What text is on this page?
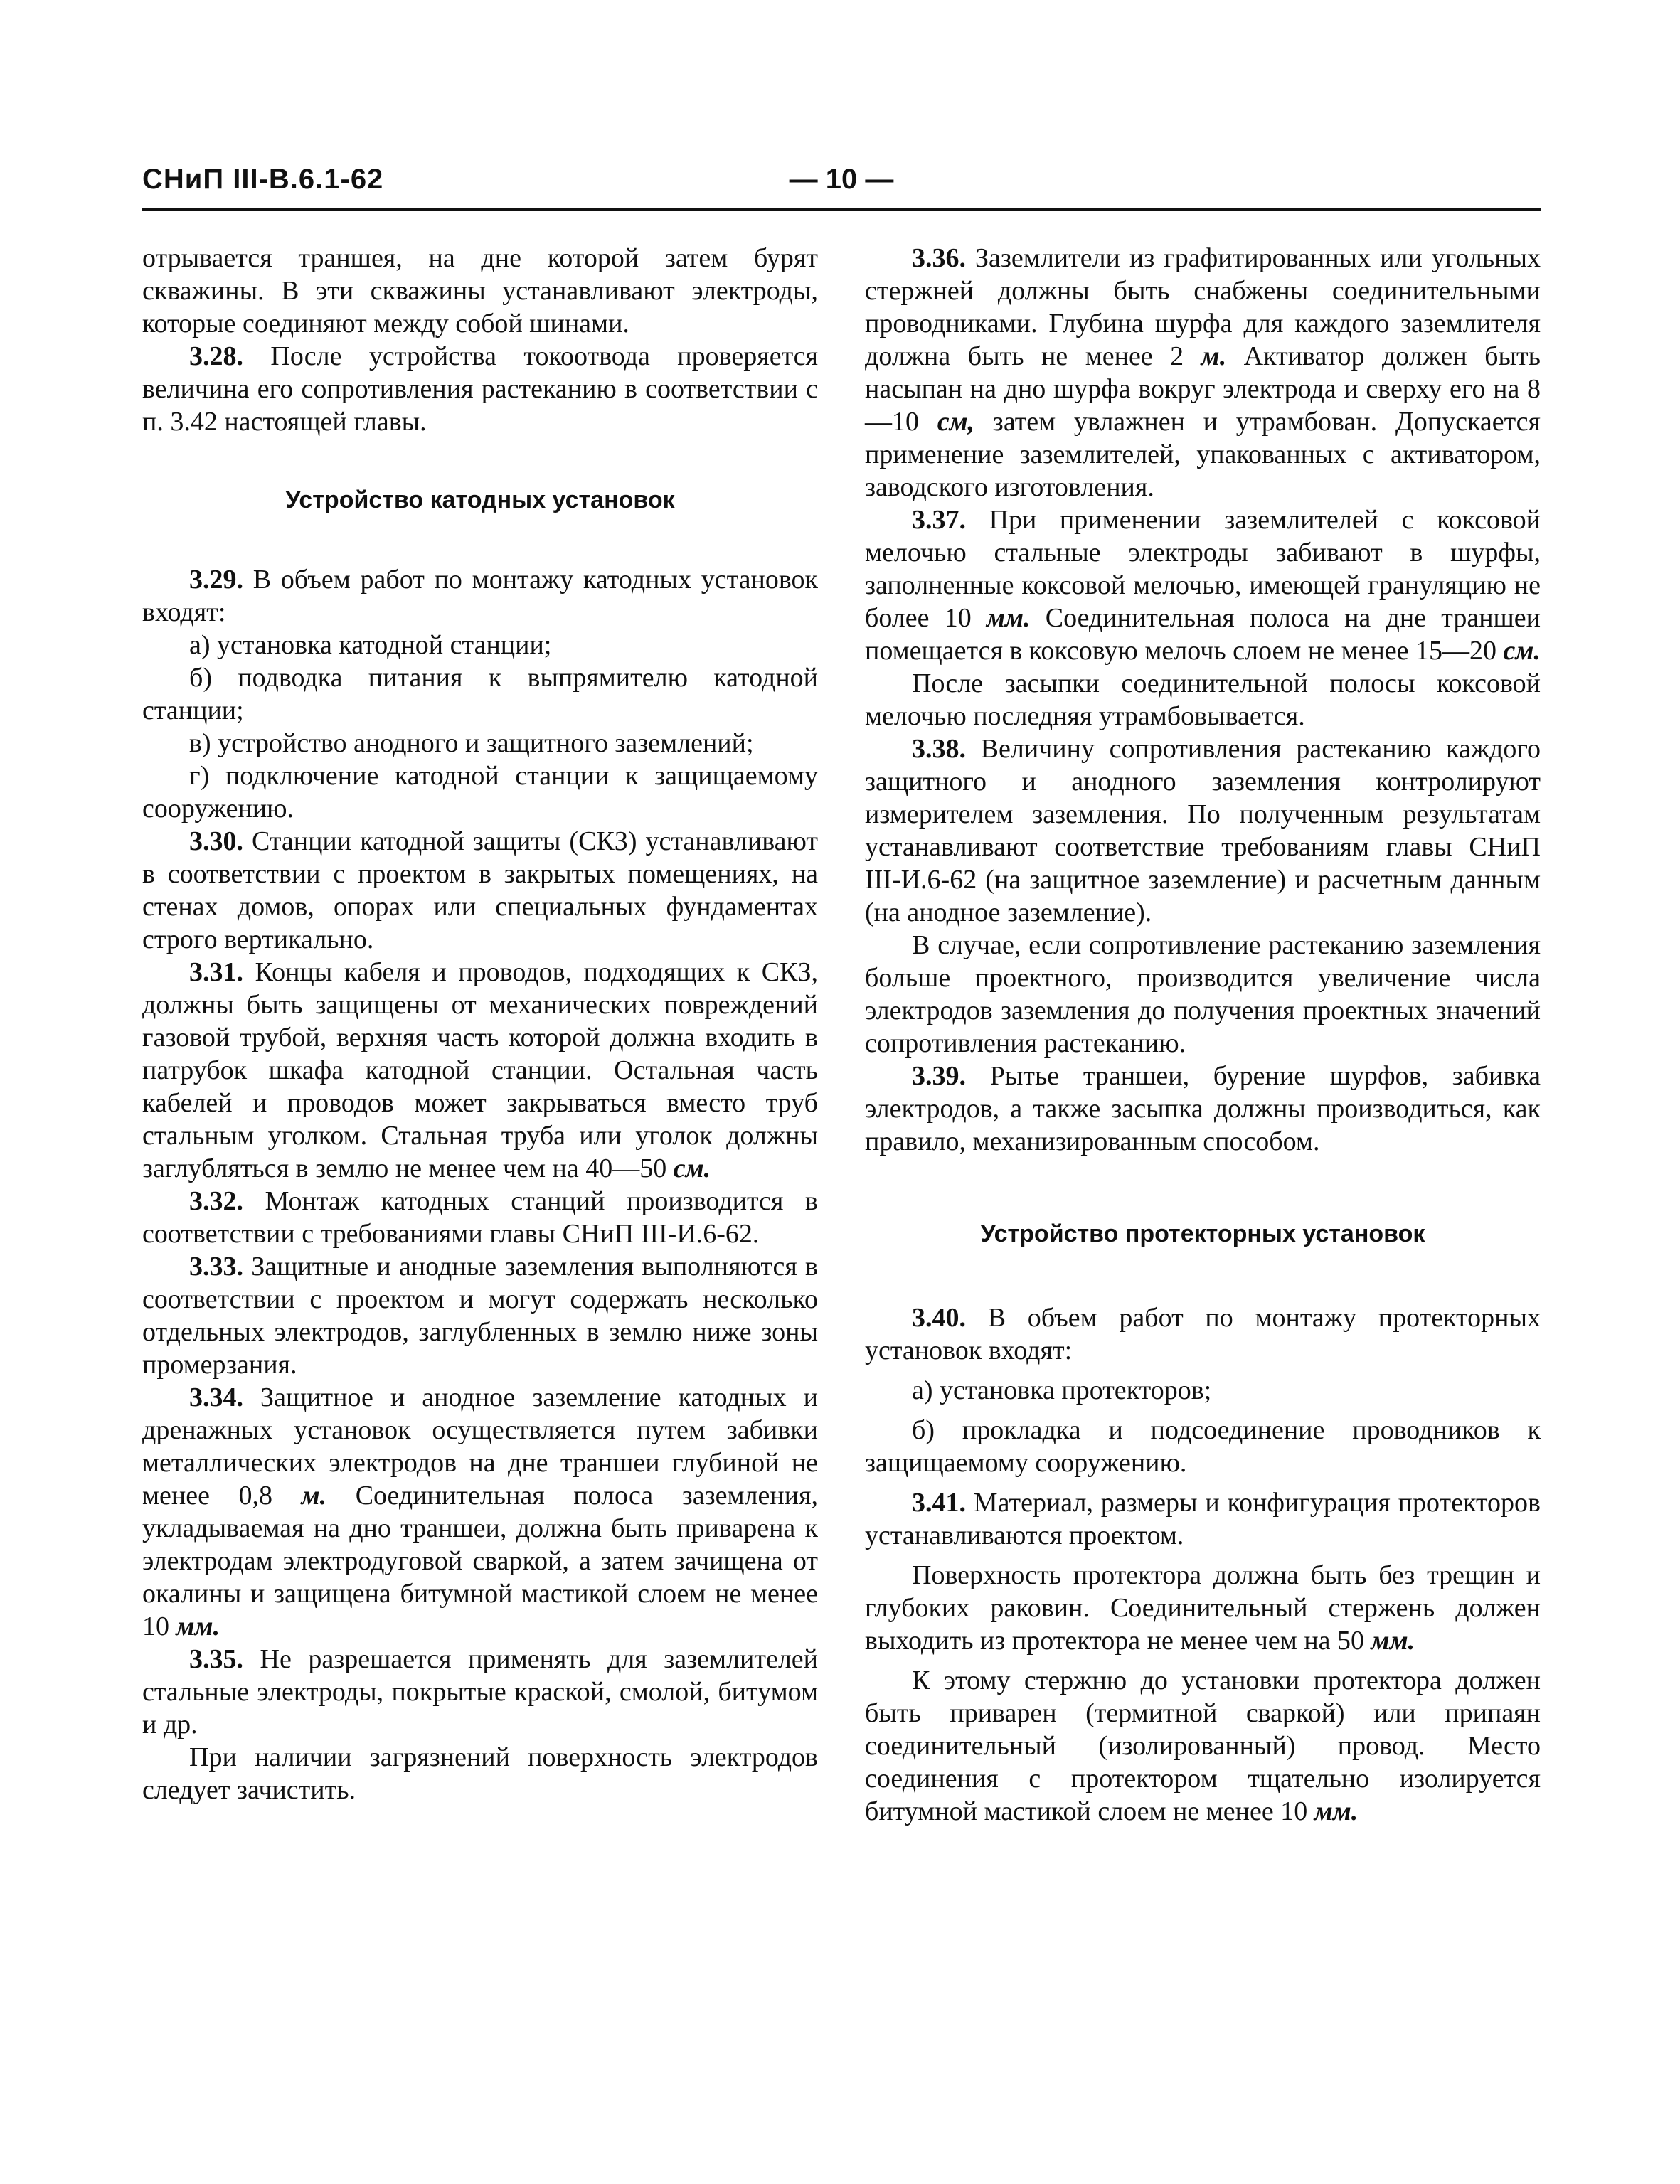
СНиП III-В.6.1-62	— 10 —

отрывается траншея, на дне которой затем бурят скважины. В эти скважины устанавливают электроды, которые соединяют между собой шинами.

3.28. После устройства токоотвода проверяется величина его сопротивления растеканию в соответствии с п. 3.42 настоящей главы.

Устройство катодных установок

3.29. В объем работ по монтажу катодных установок входят:

а) установка катодной станции;

б) подводка питания к выпрямителю катодной станции;

в) устройство анодного и защитного заземлений;

г) подключение катодной станции к защищаемому сооружению.

3.30. Станции катодной защиты (СКЗ) устанавливают в соответствии с проектом в закрытых помещениях, на стенах домов, опорах или специальных фундаментах строго вертикально.

3.31. Концы кабеля и проводов, подходящих к СКЗ, должны быть защищены от механических повреждений газовой трубой, верхняя часть которой должна входить в патрубок шкафа катодной станции. Остальная часть кабелей и проводов может закрываться вместо труб стальным уголком. Стальная труба или уголок должны заглубляться в землю не менее чем на 40—50 см.

3.32. Монтаж катодных станций производится в соответствии с требованиями главы СНиП III-И.6-62.

3.33. Защитные и анодные заземления выполняются в соответствии с проектом и могут содержать несколько отдельных электродов, заглубленных в землю ниже зоны промерзания.

3.34. Защитное и анодное заземление катодных и дренажных установок осуществляется путем забивки металлических электродов на дне траншеи глубиной не менее 0,8 м. Соединительная полоса заземления, укладываемая на дно траншеи, должна быть приварена к электродам электродуговой сваркой, а затем зачищена от окалины и защищена битумной мастикой слоем не менее 10 мм.

3.35. Не разрешается применять для заземлителей стальные электроды, покрытые краской, смолой, битумом и др.

При наличии загрязнений поверхность электродов следует зачистить.

3.36. Заземлители из графитированных или угольных стержней должны быть снабжены соединительными проводниками. Глубина шурфа для каждого заземлителя должна быть не менее 2 м. Активатор должен быть насыпан на дно шурфа вокруг электрода и сверху его на 8—10 см, затем увлажнен и утрамбован. Допускается применение заземлителей, упакованных с активатором, заводского изготовления.

3.37. При применении заземлителей с коксовой мелочью стальные электроды забивают в шурфы, заполненные коксовой мелочью, имеющей грануляцию не более 10 мм. Соединительная полоса на дне траншеи помещается в коксовую мелочь слоем не менее 15—20 см.

После засыпки соединительной полосы коксовой мелочью последняя утрамбовывается.

3.38. Величину сопротивления растеканию каждого защитного и анодного заземления контролируют измерителем заземления. По полученным результатам устанавливают соответствие требованиям главы СНиП III-И.6-62 (на защитное заземление) и расчетным данным (на анодное заземление).

В случае, если сопротивление растеканию заземления больше проектного, производится увеличение числа электродов заземления до получения проектных значений сопротивления растеканию.

3.39. Рытье траншеи, бурение шурфов, забивка электродов, а также засыпка должны производиться, как правило, механизированным способом.

Устройство протекторных установок

3.40. В объем работ по монтажу протекторных установок входят:

а) установка протекторов;

б) прокладка и подсоединение проводников к защищаемому сооружению.

3.41. Материал, размеры и конфигурация протекторов устанавливаются проектом.

Поверхность протектора должна быть без трещин и глубоких раковин. Соединительный стержень должен выходить из протектора не менее чем на 50 мм.

К этому стержню до установки протектора должен быть приварен (термитной сваркой) или припаян соединительный (изолированный) провод. Место соединения с протектором тщательно изолируется битумной мастикой слоем не менее 10 мм.
